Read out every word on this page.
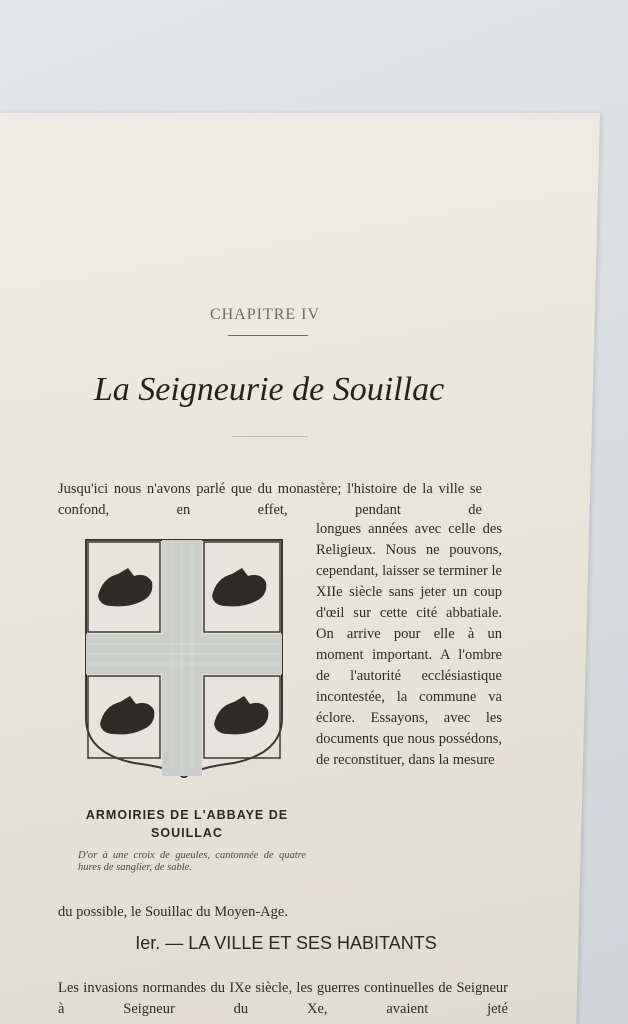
CHAPITRE IV
La Seigneurie de Souillac
Jusqu'ici nous n'avons parlé que du monastère; l'histoire de la ville se confond, en effet, pendant de
longues années avec celle des Religieux. Nous ne pouvons, cependant, laisser se terminer le XIIe siècle sans jeter un coup d'œil sur cette cité abbatiale. On arrive pour elle à un moment important. A l'ombre de l'autorité ecclésiastique incontestée, la commune va éclore. Essayons, avec les documents que nous possédons, de reconstituer, dans la mesure
ARMOIRIES DE L'ABBAYE DE SOUILLAC
D'or à une croix de gueules, cantonnée de quatre hures de sanglier, de sable.
du possible, le Souillac du Moyen-Age.
Ier. — LA VILLE ET SES HABITANTS
Les invasions normandes du IXe siècle, les guerres continuelles de Seigneur à Seigneur du Xe, avaient jeté
